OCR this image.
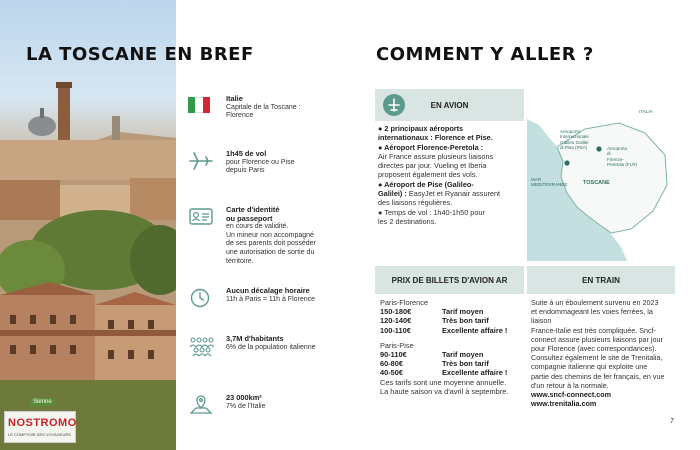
Sienne
NOSTROMO
LE COMPTOIR DES VOYAGEURS
LA TOSCANE EN BREF
Italie
Capitale de la Toscane :
Florence
1h45 de vol
pour Florence ou Pise
depuis Paris
Carte d'identité
ou passeport
en cours de validité.
Un mineur non accompagné
de ses parents doit posséder
une autorisation de sortie du
territoire.
Aucun décalage horaire
11h à Paris = 11h à Florence
3,7M d'habitants
6% de la population italienne
23 000km²
7% de l'Italie
COMMENT Y ALLER ?
EN AVION
● 2 principaux aéroports
internationaux : Florence et Pise.
● Aéroport Florence-Peretola :
Air France assure plusieurs liaisons
directes par jour. Vueling et Iberia
proposent également des vols.
● Aéroport de Pise (Galileo-
Galilei) : EasyJet et Ryanair assurent
des liaisons régulières.
● Temps de vol : 1h40-1h50 pour
les 2 destinations.
ITALIA
Aeroporto
Internazionale
Galileo Galilei
di Pisa (PSA)	Aeroporto
di
Firenze-
Peretola (FLR)
MAR
MEDITERRANÉE	TOSCANE
PRIX DE BILLETS D'AVION AR
Paris-Florence
150-180€	Tarif moyen
120-140€	Très bon tarif
100-110€	Excellente affaire !
Paris-Pise
90-110€	Tarif moyen
60-80€	Très bon tarif
40-50€	Excellente affaire !
Ces tarifs sont une moyenne annuelle.
La haute saison va d'avril à septembre.
EN TRAIN
Suite à un éboulement survenu en 2023
et endommageant les voies ferrées, la liaison
France-Italie est très compliquée. Sncf-
connect assure plusieurs liaisons par jour
pour Florence (avec correspondances).
Consultez également le site de Trenitalia,
compagnie italienne qui exploite une
partie des chemins de fer français, en vue
d'un retour à la normale.
www.sncf-connect.com
www.trenitalia.com
7
